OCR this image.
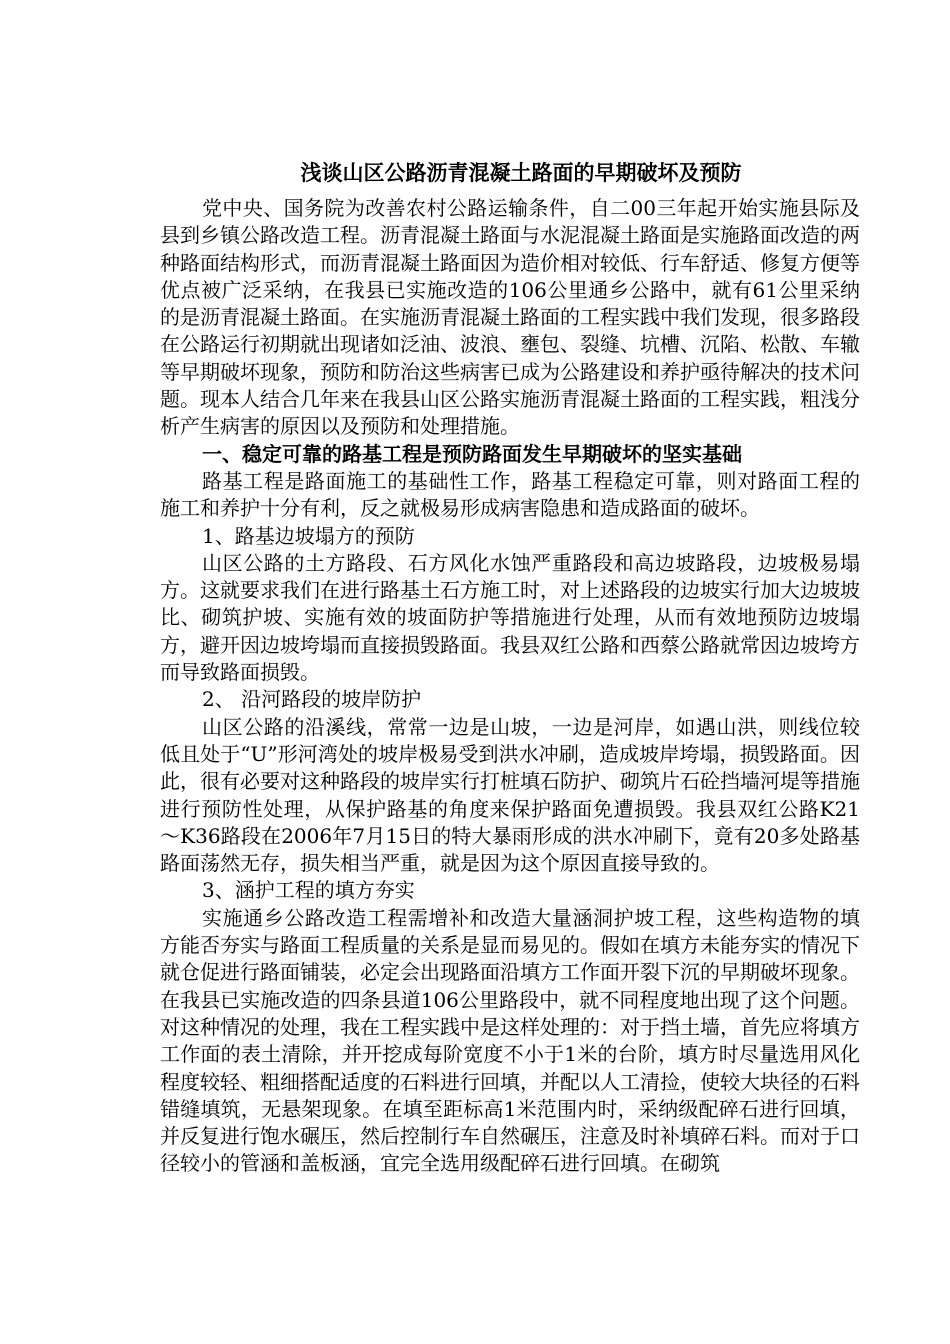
浅谈山区公路沥青混凝土路面的早期破坏及预防

党中央、国务院为改善农村公路运输条件，自二00三年起开始实施县际及县到乡镇公路改造工程。沥青混凝土路面与水泥混凝土路面是实施路面改造的两种路面结构形式，而沥青混凝土路面因为造价相对较低、行车舒适、修复方便等优点被广泛采纳，在我县已实施改造的106公里通乡公路中，就有61公里采纳的是沥青混凝土路面。在实施沥青混凝土路面的工程实践中我们发现，很多路段在公路运行初期就出现诸如泛油、波浪、壅包、裂缝、坑槽、沉陷、松散、车辙等早期破坏现象，预防和防治这些病害已成为公路建设和养护亟待解决的技术问题。现本人结合几年来在我县山区公路实施沥青混凝土路面的工程实践，粗浅分析产生病害的原因以及预防和处理措施。

一、稳定可靠的路基工程是预防路面发生早期破坏的坚实基础

路基工程是路面施工的基础性工作，路基工程稳定可靠，则对路面工程的施工和养护十分有利，反之就极易形成病害隐患和造成路面的破坏。

1、路基边坡塌方的预防

山区公路的土方路段、石方风化水蚀严重路段和高边坡路段，边坡极易塌方。这就要求我们在进行路基土石方施工时，对上述路段的边坡实行加大边坡坡比、砌筑护坡、实施有效的坡面防护等措施进行处理，从而有效地预防边坡塌方，避开因边坡垮塌而直接损毁路面。我县双红公路和西蔡公路就常因边坡垮方而导致路面损毁。

2、 沿河路段的坡岸防护

山区公路的沿溪线，常常一边是山坡，一边是河岸，如遇山洪，则线位较低且处于“U”形河湾处的坡岸极易受到洪水冲刷，造成坡岸垮塌，损毁路面。因此，很有必要对这种路段的坡岸实行打桩填石防护、砌筑片石砼挡墙河堤等措施进行预防性处理，从保护路基的角度来保护路面免遭损毁。我县双红公路K21～K36路段在2006年7月15日的特大暴雨形成的洪水冲刷下，竟有20多处路基路面荡然无存，损失相当严重，就是因为这个原因直接导致的。

3、涵护工程的填方夯实

实施通乡公路改造工程需增补和改造大量涵洞护坡工程，这些构造物的填方能否夯实与路面工程质量的关系是显而易见的。假如在填方未能夯实的情况下就仓促进行路面铺装，必定会出现路面沿填方工作面开裂下沉的早期破坏现象。在我县已实施改造的四条县道106公里路段中，就不同程度地出现了这个问题。对这种情况的处理，我在工程实践中是这样处理的：对于挡土墙，首先应将填方工作面的表土清除，并开挖成每阶宽度不小于1米的台阶，填方时尽量选用风化程度较轻、粗细搭配适度的石料进行回填，并配以人工清捡，使较大块径的石料错缝填筑，无悬架现象。在填至距标高1米范围内时，采纳级配碎石进行回填，并反复进行饱水碾压，然后控制行车自然碾压，注意及时补填碎石料。而对于口径较小的管涵和盖板涵，宜完全选用级配碎石进行回填。在砌筑
